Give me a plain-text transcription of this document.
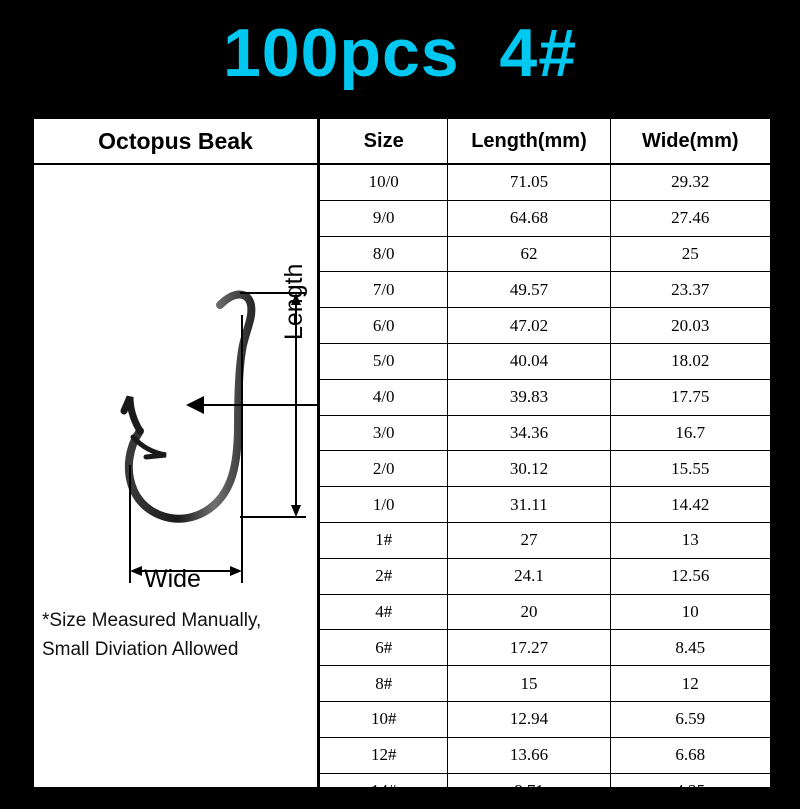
100pcs  4#
Octopus Beak
Length
Wide
*Size Measured Manually,
Small Diviation Allowed
Size	Length(mm)	Wide(mm)
10/0	71.05	29.32
9/0	64.68	27.46
8/0	62	25
7/0	49.57	23.37
6/0	47.02	20.03
5/0	40.04	18.02
4/0	39.83	17.75
3/0	34.36	16.7
2/0	30.12	15.55
1/0	31.11	14.42
1#	27	13
2#	24.1	12.56
4#	20	10
6#	17.27	8.45
8#	15	12
10#	12.94	6.59
12#	13.66	6.68
14#	8.71	4.25
